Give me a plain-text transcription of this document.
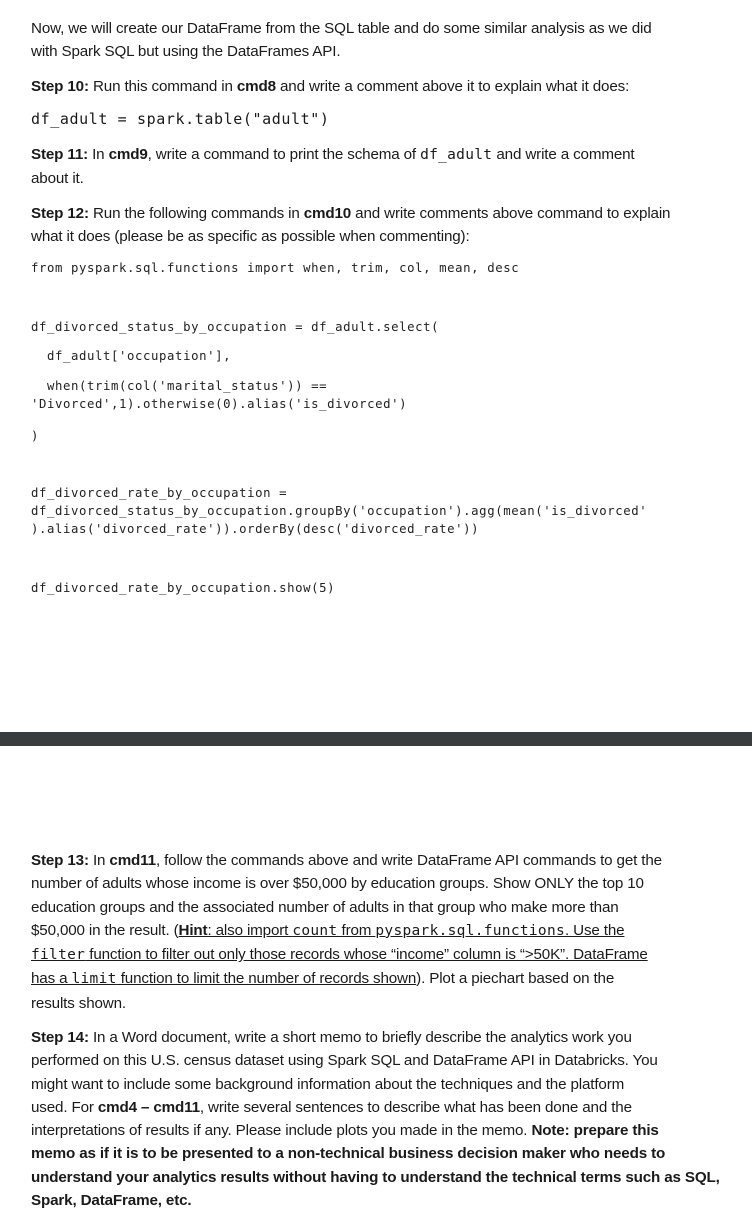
Now, we will create our DataFrame from the SQL table and do some similar analysis as we did
with Spark SQL but using the DataFrames API.
Step 10: Run this command in cmd8 and write a comment above it to explain what it does:
df_adult = spark.table("adult")
Step 11: In cmd9, write a command to print the schema of df_adult and write a comment
about it.
Step 12: Run the following commands in cmd10 and write comments above command to explain
what it does (please be as specific as possible when commenting):
from pyspark.sql.functions import when, trim, col, mean, desc
df_divorced_status_by_occupation = df_adult.select(
df_adult['occupation'],
when(trim(col('marital_status')) ==
'Divorced',1).otherwise(0).alias('is_divorced')
)
df_divorced_rate_by_occupation =
df_divorced_status_by_occupation.groupBy('occupation').agg(mean('is_divorced'
).alias('divorced_rate')).orderBy(desc('divorced_rate'))
df_divorced_rate_by_occupation.show(5)
Step 13: In cmd11, follow the commands above and write DataFrame API commands to get the
number of adults whose income is over $50,000 by education groups. Show ONLY the top 10
education groups and the associated number of adults in that group who make more than
$50,000 in the result. (Hint: also import count from pyspark.sql.functions. Use the
filter function to filter out only those records whose “income” column is “>50K”. DataFrame
has a limit function to limit the number of records shown). Plot a piechart based on the
results shown.
Step 14: In a Word document, write a short memo to briefly describe the analytics work you
performed on this U.S. census dataset using Spark SQL and DataFrame API in Databricks. You
might want to include some background information about the techniques and the platform
used. For cmd4 – cmd11, write several sentences to describe what has been done and the
interpretations of results if any. Please include plots you made in the memo. Note: prepare this
memo as if it is to be presented to a non-technical business decision maker who needs to
understand your analytics results without having to understand the technical terms such as SQL,
Spark, DataFrame, etc.
